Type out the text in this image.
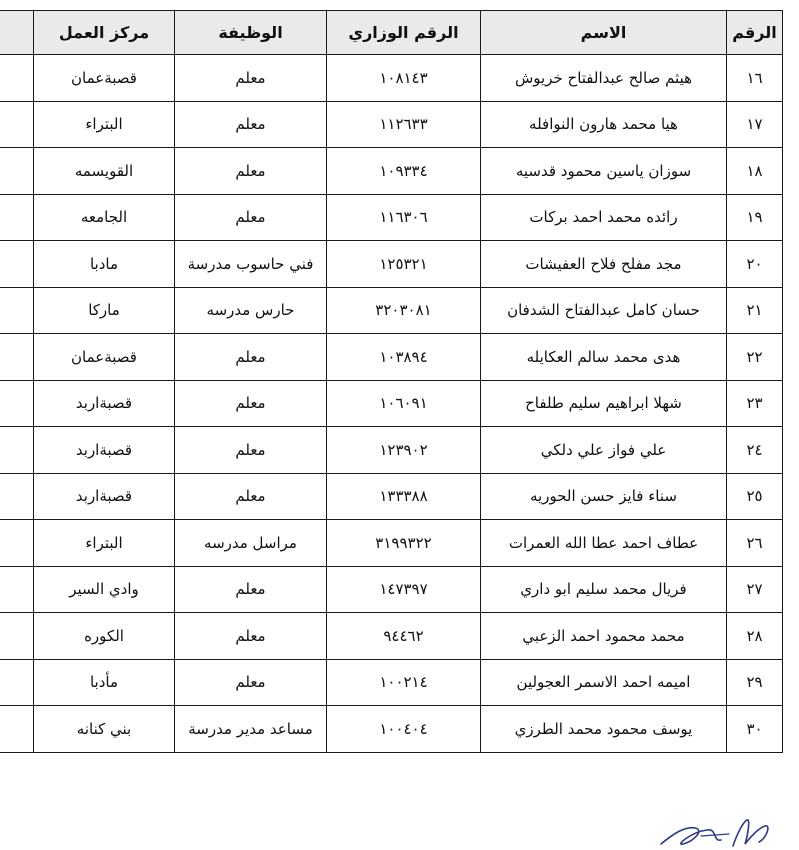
الرقم	الاسم	الرقم الوزاري	الوظيفة	مركز العمل	
١٦	هيثم صالح عبدالفتاح خريوش	١٠٨١٤٣	معلم	قصبةعمان	
١٧	هيا محمد هارون النوافله	١١٢٦٣٣	معلم	البتراء	
١٨	سوزان ياسين محمود قدسيه	١٠٩٣٣٤	معلم	القويسمه	
١٩	رائده محمد احمد بركات	١١٦٣٠٦	معلم	الجامعه	
٢٠	مجد مفلح فلاح العفيشات	١٢٥٣٢١	فني حاسوب مدرسة	مادبا	
٢١	حسان كامل عبدالفتاح الشدفان	٣٢٠٣٠٨١	حارس مدرسه	ماركا	
٢٢	هدى محمد سالم العكايله	١٠٣٨٩٤	معلم	قصبةعمان	
٢٣	شهلا ابراهيم سليم طلفاح	١٠٦٠٩١	معلم	قصبةاربد	
٢٤	علي فواز علي دلكي	١٢٣٩٠٢	معلم	قصبةاربد	
٢٥	سناء فايز حسن الحوريه	١٣٣٣٨٨	معلم	قصبةاربد	
٢٦	عطاف احمد عطا الله العمرات	٣١٩٩٣٢٢	مراسل مدرسه	البتراء	
٢٧	فريال محمد سليم ابو داري	١٤٧٣٩٧	معلم	وادي السير	
٢٨	محمد محمود احمد الزعبي	٩٤٤٦٢	معلم	الكوره	
٢٩	اميمه احمد الاسمر العجولين	١٠٠٢١٤	معلم	مأدبا	
٣٠	يوسف محمود محمد الطرزي	١٠٠٤٠٤	مساعد مدير مدرسة	بني كنانه	
